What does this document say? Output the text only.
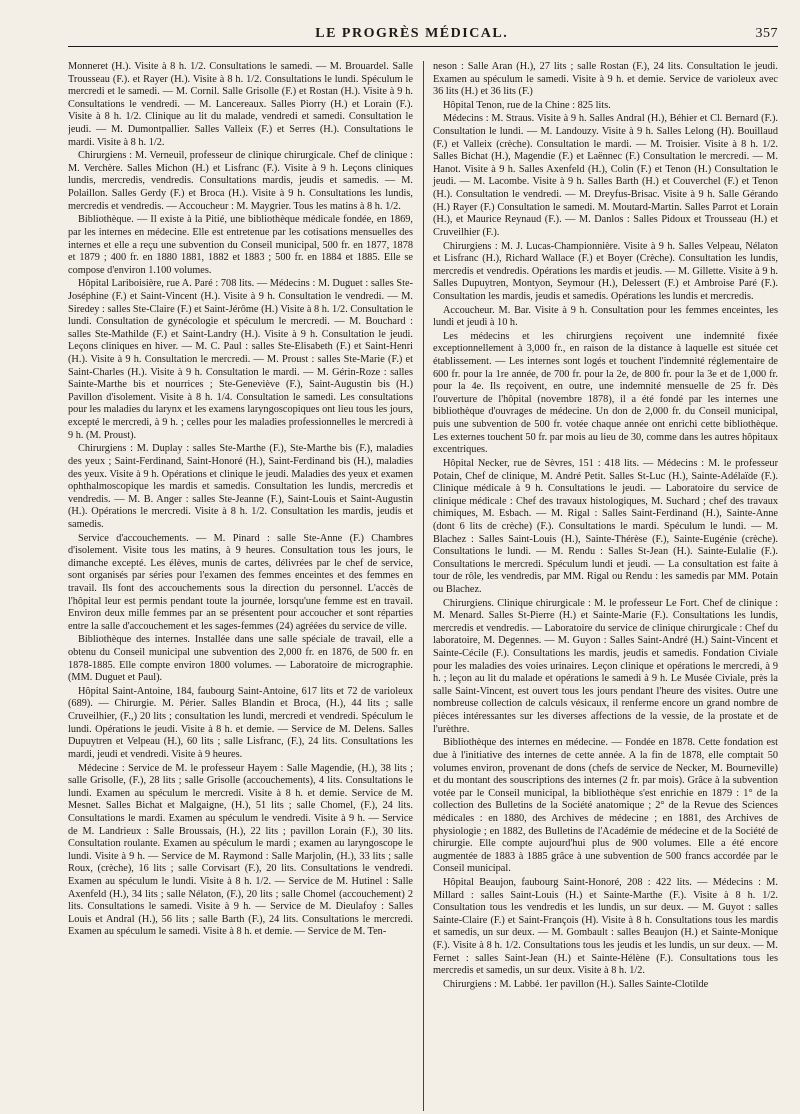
LE PROGRÈS MÉDICAL.	357

Monneret (H.). Visite à 8 h. 1/2. Consultations le samedi. — M. Brouardel. Salle Trousseau (F.). et Rayer (H.). Visite à 8 h. 1/2. Consultations le lundi. Spéculum le mercredi et le samedi. — M. Cornil. Salle Grisolle (F.) et Rostan (H.). Visite à 9 h. Consultations le vendredi. — M. Lancereaux. Salles Piorry (H.) et Lorain (F.). Visite à 8 h. 1/2. Clinique au lit du malade, vendredi et samedi. Consultation le jeudi. — M. Dumontpallier. Salles Valleix (F.) et Serres (H.). Consultations le mardi. Visite à 8 h. 1/2.

Chirurgiens : M. Verneuil, professeur de clinique chirurgicale. Chef de clinique : M. Verchère. Salles Michon (H.) et Lisfranc (F.). Visite à 9 h. Leçons cliniques lundis, mercredis, vendredis. Consultations mardis, jeudis et samedis. — M. Polaillon. Salles Gerdy (F.) et Broca (H.). Visite à 9 h. Consultations les lundis, mercredis et vendredis. — Accoucheur : M. Maygrier. Tous les matins à 8 h. 1/2.

Bibliothèque. — Il existe à la Pitié, une bibliothèque médicale fondée, en 1869, par les internes en médecine. Elle est entretenue par les cotisations mensuelles des internes et elle a reçu une subvention du Conseil municipal, 500 fr. en 1877, 1878 et 1879 ; 400 fr. en 1880 1881, 1882 et 1883 ; 500 fr. en 1884 et 1885. Elle se compose d'environ 1.100 volumes.

Hôpital Lariboisière, rue A. Paré : 708 lits. — Médecins : M. Duguet : salles Ste-Joséphine (F.) et Saint-Vincent (H.). Visite à 9 h. Consultation le vendredi. — M. Siredey : salles Ste-Claire (F.) et Saint-Jérôme (H.) Visite à 8 h. 1/2. Consultation le lundi. Consultation de gynécologie et spéculum le mercredi. — M. Bouchard : salles Ste-Mathilde (F.) et Saint-Landry (H.). Visite à 9 h. Consultation le jeudi. Leçons cliniques en hiver. — M. C. Paul : salles Ste-Elisabeth (F.) et Saint-Henri (H.). Visite à 9 h. Consultation le mercredi. — M. Proust : salles Ste-Marie (F.) et Saint-Charles (H.). Visite à 9 h. Consultation le mardi. — M. Gérin-Roze : salles Sainte-Marthe bis et nourrices ; Ste-Geneviève (F.), Saint-Augustin bis (H.) Pavillon d'isolement. Visite à 8 h. 1/4. Consultation le samedi. Les consultations pour les maladies du larynx et les examens laryngoscopiques ont lieu tous les jours, excepté le mercredi, à 9 h. ; celles pour les maladies professionnelles le mercredi à 9 h. (M. Proust).

Chirurgiens : M. Duplay : salles Ste-Marthe (F.), Ste-Marthe bis (F.), maladies des yeux ; Saint-Ferdinand, Saint-Honoré (H.), Saint-Ferdinand bis (H.), maladies des yeux. Visite à 9 h. Opérations et clinique le jeudi. Maladies des yeux et examen ophthalmoscopique les mardis et samedis. Consultation les lundis, mercredis et vendredis. — M. B. Anger : salles Ste-Jeanne (F.), Saint-Louis et Saint-Augustin (H.). Opérations le mercredi. Visite à 8 h. 1/2. Consultation les mardis, jeudis et samedis.

Service d'accouchements. — M. Pinard : salle Ste-Anne (F.) Chambres d'isolement. Visite tous les matins, à 9 heures. Consultation tous les jours, le dimanche excepté. Les élèves, munis de cartes, délivrées par le chef de service, sont organisés par séries pour l'examen des femmes enceintes et des femmes en travail. Ils font des accouchements sous la direction du personnel. L'accès de l'hôpital leur est permis pendant toute la journée, lorsqu'une femme est en travail. Environ deux mille femmes par an se présentent pour accoucher et sont réparties entre la salle d'accouchement et les sages-femmes (24) agréées du service de ville.

Bibliothèque des internes. Installée dans une salle spéciale de travail, elle a obtenu du Conseil municipal une subvention des 2,000 fr. en 1876, de 500 fr. en 1878-1885. Elle compte environ 1800 volumes. — Laboratoire de micrographie. (MM. Duguet et Paul).

Hôpital Saint-Antoine, 184, faubourg Saint-Antoine, 617 lits et 72 de varioleux (689). — Chirurgie. M. Périer. Salles Blandin et Broca, (H.), 44 lits ; salle Cruveilhier, (F.,) 20 lits ; consultation les lundi, mercredi et vendredi. Spéculum le lundi. Opérations le jeudi. Visite à 8 h. et demie. — Service de M. Delens. Salles Dupuytren et Velpeau (H.), 60 lits ; salle Lisfranc, (F.), 24 lits. Consultations les mardi, jeudi et vendredi. Visite à 9 heures.

Médecine : Service de M. le professeur Hayem : Salle Magendie, (H.), 38 lits ; salle Grisolle, (F.), 28 lits ; salle Grisolle (accouchements), 4 lits. Consultations le lundi. Examen au spéculum le mercredi. Visite à 8 h. et demie. Service de M. Mesnet. Salles Bichat et Malgaigne, (H.), 51 lits ; salle Chomel, (F.), 24 lits. Consultations le mardi. Examen au spéculum le vendredi. Visite à 9 h. — Service de M. Landrieux : Salle Broussais, (H.), 22 lits ; pavillon Lorain (F.), 30 lits. Consultation roulante. Examen au spéculum le mardi ; examen au laryngoscope le lundi. Visite à 9 h. — Service de M. Raymond : Salle Marjolin, (H.), 33 lits ; salle Roux, (crèche), 16 lits ; salle Corvisart (F.), 20 lits. Consultations le vendredi. Examen au spéculum le lundi. Visite à 8 h. 1/2. — Service de M. Hutinel : Salle Axenfeld (H.), 34 lits ; salle Nélaton, (F.), 20 lits ; salle Chomel (accouchement) 2 lits. Consultations le samedi. Visite à 9 h. — Service de M. Dieulafoy : Salles Louis et Andral (H.), 56 lits ; salle Barth (F.), 24 lits. Consultations le mercredi. Examen au spéculum le samedi. Visite à 8 h. et demie. — Service de M. Ten-

neson : Salle Aran (H.), 27 lits ; salle Rostan (F.), 24 lits. Consultation le jeudi. Examen au spéculum le samedi. Visite à 9 h. et demie. Service de varioleux avec 36 lits (H.) et 36 lits (F.)

Hôpital Tenon, rue de la Chine : 825 lits.

Médecins : M. Straus. Visite à 9 h. Salles Andral (H.), Béhier et Cl. Bernard (F.). Consultation le lundi. — M. Landouzy. Visite à 9 h. Salles Lelong (H). Bouillaud (F.) et Valleix (crèche). Consultation le mardi. — M. Troisier. Visite à 8 h. 1/2. Salles Bichat (H.), Magendie (F.) et Laënnec (F.) Consultation le mercredi. — M. Hanot. Visite à 9 h. Salles Axenfeld (H.), Colin (F.) et Tenon (H.) Consultation le jeudi. — M. Lacombe. Visite à 9 h. Salles Barth (H.) et Couverchel (F.) et Tenon (H.). Consultation le vendredi. — M. Dreyfus-Brisac. Visite à 9 h. Salle Gérando (H.) Rayer (F.) Consultation le samedi. M. Moutard-Martin. Salles Parrot et Lorain (H.), et Maurice Reynaud (F.). — M. Danlos : Salles Pidoux et Trousseau (H.) et Cruveilhier (F.).

Chirurgiens : M. J. Lucas-Championnière. Visite à 9 h. Salles Velpeau, Nélaton et Lisfranc (H.), Richard Wallace (F.) et Boyer (Crèche). Consultation les lundis, mercredis et vendredis. Opérations les mardis et jeudis. — M. Gillette. Visite à 9 h. Salles Dupuytren, Montyon, Seymour (H.), Delessert (F.) et Ambroise Paré (F.). Consultation les mardis, jeudis et samedis. Opérations les lundis et mercredis.

Accoucheur. M. Bar. Visite à 9 h. Consultation pour les femmes enceintes, les lundi et jeudi à 10 h.

Les médecins et les chirurgiens reçoivent une indemnité fixée exceptionnellement à 3,000 fr., en raison de la distance à laquelle est située cet établissement. — Les internes sont logés et touchent l'indemnité réglementaire de 600 fr. pour la 1re année, de 700 fr. pour la 2e, de 800 fr. pour la 3e et de 1,000 fr. pour la 4e. Ils reçoivent, en outre, une indemnité mensuelle de 25 fr. Dès l'ouverture de l'hôpital (novembre 1878), il a été fondé par les internes une bibliothèque d'ouvrages de médecine. Un don de 2,000 fr. du Conseil municipal, puis une subvention de 500 fr. votée chaque année ont enrichi cette bibliothèque. Les externes touchent 50 fr. par mois au lieu de 30, comme dans les autres hôpitaux excentriques.

Hôpital Necker, rue de Sèvres, 151 : 418 lits. — Médecins : M. le professeur Potain, Chef de clinique, M. André Petit. Salles St-Luc (H.), Sainte-Adélaïde (F.). Clinique médicale à 9 h. Consultations le jeudi. — Laboratoire du service de clinique médicale : Chef des travaux histologiques, M. Suchard ; chef des travaux chimiques, M. Esbach. — M. Rigal : Salles Saint-Ferdinand (H.), Sainte-Anne (dont 6 lits de crèche) (F.). Consultations le mardi. Spéculum le lundi. — M. Blachez : Salles Saint-Louis (H.), Sainte-Thérèse (F.), Sainte-Eugénie (crèche). Consultations le lundi. — M. Rendu : Salles St-Jean (H.). Sainte-Eulalie (F.). Consultations le mercredi. Spéculum lundi et jeudi. — La consultation est faite à tour de rôle, les vendredis, par MM. Rigal ou Rendu : les samedis par MM. Potain ou Blachez.

Chirurgiens. Clinique chirurgicale : M. le professeur Le Fort. Chef de clinique : M. Menard. Salles St-Pierre (H.) et Sainte-Marie (F.). Consultations les lundis, mercredis et vendredis. — Laboratoire du service de clinique chirurgicale : Chef du laboratoire, M. Degennes. — M. Guyon : Salles Saint-André (H.) Saint-Vincent et Sainte-Cécile (F.). Consultations les mardis, jeudis et samedis. Fondation Civiale pour les maladies des voies urinaires. Leçon clinique et opérations le mercredi, à 9 h. ; leçon au lit du malade et opérations le samedi à 9 h. Le Musée Civiale, près la salle Saint-Vincent, est ouvert tous les jours pendant l'heure des visites. Outre une nombreuse collection de calculs vésicaux, il renferme encore un grand nombre de pièces intéressantes sur les diverses affections de la vessie, de la prostate et de l'urèthre.

Bibliothèque des internes en médecine. — Fondée en 1878. Cette fondation est due à l'initiative des internes de cette année. A la fin de 1878, elle comptait 50 volumes environ, provenant de dons (chefs de service de Necker, M. Bourneville) et du montant des souscriptions des internes (2 fr. par mois). Grâce à la subvention votée par le Conseil municipal, la bibliothèque s'est enrichie en 1879 : 1° de la collection des Bulletins de la Société anatomique ; 2° de la Revue des Sciences médicales : en 1880, des Archives de médecine ; en 1881, des Archives de physiologie ; en 1882, des Bulletins de l'Académie de médecine et de la Société de chirurgie. Elle compte aujourd'hui plus de 900 volumes. Elle a été encore augmentée de 1883 à 1885 grâce à une subvention de 500 francs accordée par le Conseil municipal.

Hôpital Beaujon, faubourg Saint-Honoré, 208 : 422 lits. — Médecins : M. Millard : salles Saint-Louis (H.) et Sainte-Marthe (F.). Visite à 8 h. 1/2. Consultation tous les vendredis et les lundis, un sur deux. — M. Guyot : salles Sainte-Claire (F.) et Saint-François (H). Visite à 8 h. Consultations tous les mardis et samedis, un sur deux. — M. Gombault : salles Beaujon (H.) et Sainte-Monique (F.). Visite à 8 h. 1/2. Consultations tous les jeudis et les lundis, un sur deux. — M. Fernet : salles Saint-Jean (H.) et Sainte-Hélène (F.). Consultations tous les mercredis et samedis, un sur deux. Visite à 8 h. 1/2.

Chirurgiens : M. Labbé. 1er pavillon (H.). Salles Sainte-Clotilde
